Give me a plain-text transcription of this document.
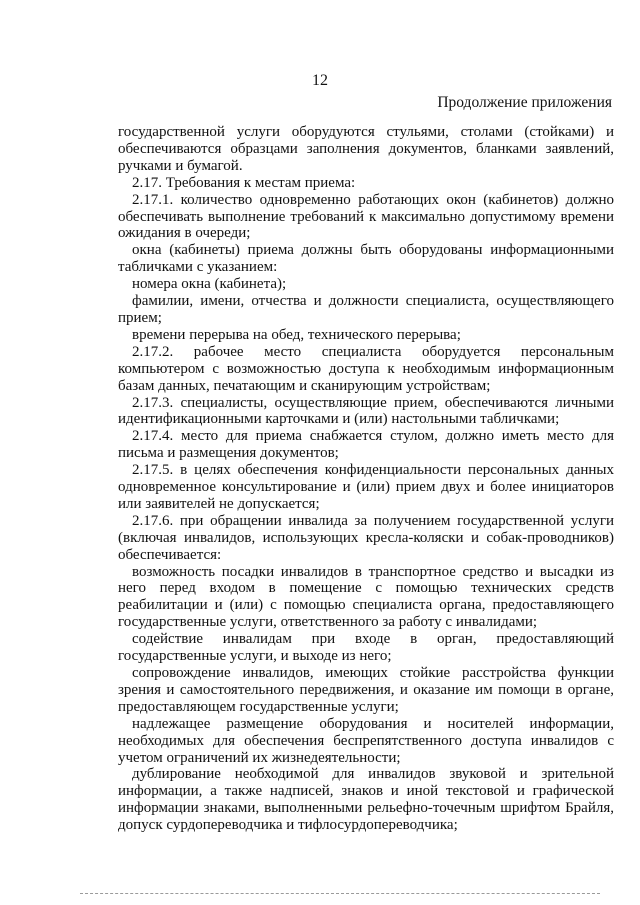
12
Продолжение приложения

государственной услуги оборудуются стульями, столами (стойками) и обеспечиваются образцами заполнения документов, бланками заявлений, ручками и бумагой.

2.17. Требования к местам приема:

2.17.1. количество одновременно работающих окон (кабинетов) должно обеспечивать выполнение требований к максимально допустимому времени ожидания в очереди;

окна (кабинеты) приема должны быть оборудованы информационными табличками с указанием:

номера окна (кабинета);

фамилии, имени, отчества и должности специалиста, осуществляющего прием;

времени перерыва на обед, технического перерыва;

2.17.2. рабочее место специалиста оборудуется персональным компьютером с возможностью доступа к необходимым информационным базам данных, печатающим и сканирующим устройствам;

2.17.3. специалисты, осуществляющие прием, обеспечиваются личными идентификационными карточками и (или) настольными табличками;

2.17.4. место для приема снабжается стулом, должно иметь место для письма и размещения документов;

2.17.5. в целях обеспечения конфиденциальности персональных данных одновременное консультирование и (или) прием двух и более инициаторов или заявителей не допускается;

2.17.6. при обращении инвалида за получением государственной услуги (включая инвалидов, использующих кресла-коляски и собак-проводников) обеспечивается:

возможность посадки инвалидов в транспортное средство и высадки из него перед входом в помещение с помощью технических средств реабилитации и (или) с помощью специалиста органа, предоставляющего государственные услуги, ответственного за работу с инвалидами;

содействие инвалидам при входе в орган, предоставляющий государственные услуги, и выходе из него;

сопровождение инвалидов, имеющих стойкие расстройства функции зрения и самостоятельного передвижения, и оказание им помощи в органе, предоставляющем государственные услуги;

надлежащее размещение оборудования и носителей информации, необходимых для обеспечения беспрепятственного доступа инвалидов с учетом ограничений их жизнедеятельности;

дублирование необходимой для инвалидов звуковой и зрительной информации, а также надписей, знаков и иной текстовой и графической информации знаками, выполненными рельефно-точечным шрифтом Брайля, допуск сурдопереводчика и тифлосурдопереводчика;
